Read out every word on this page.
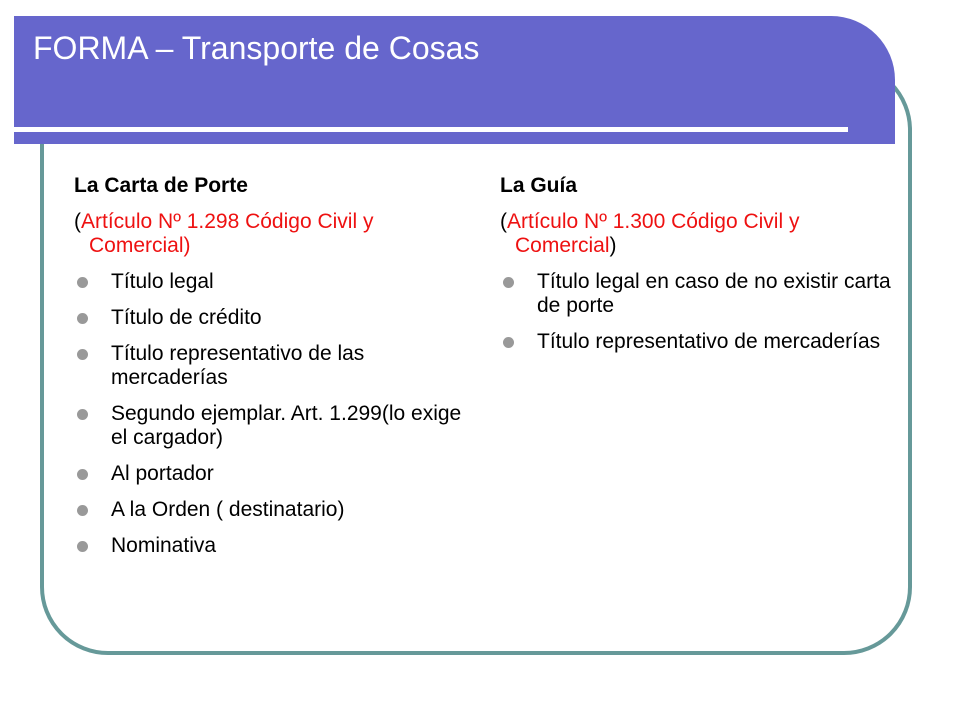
FORMA – Transporte de Cosas
La Carta de Porte
(Artículo Nº 1.298 Código Civil y Comercial)
Título legal
Título de crédito
Título representativo de las mercaderías
Segundo ejemplar. Art. 1.299(lo exige el cargador)
Al portador
A la Orden ( destinatario)
Nominativa
La Guía
(Artículo Nº 1.300 Código Civil y Comercial)
Título legal en caso de no existir carta de porte
Título representativo de mercaderías
